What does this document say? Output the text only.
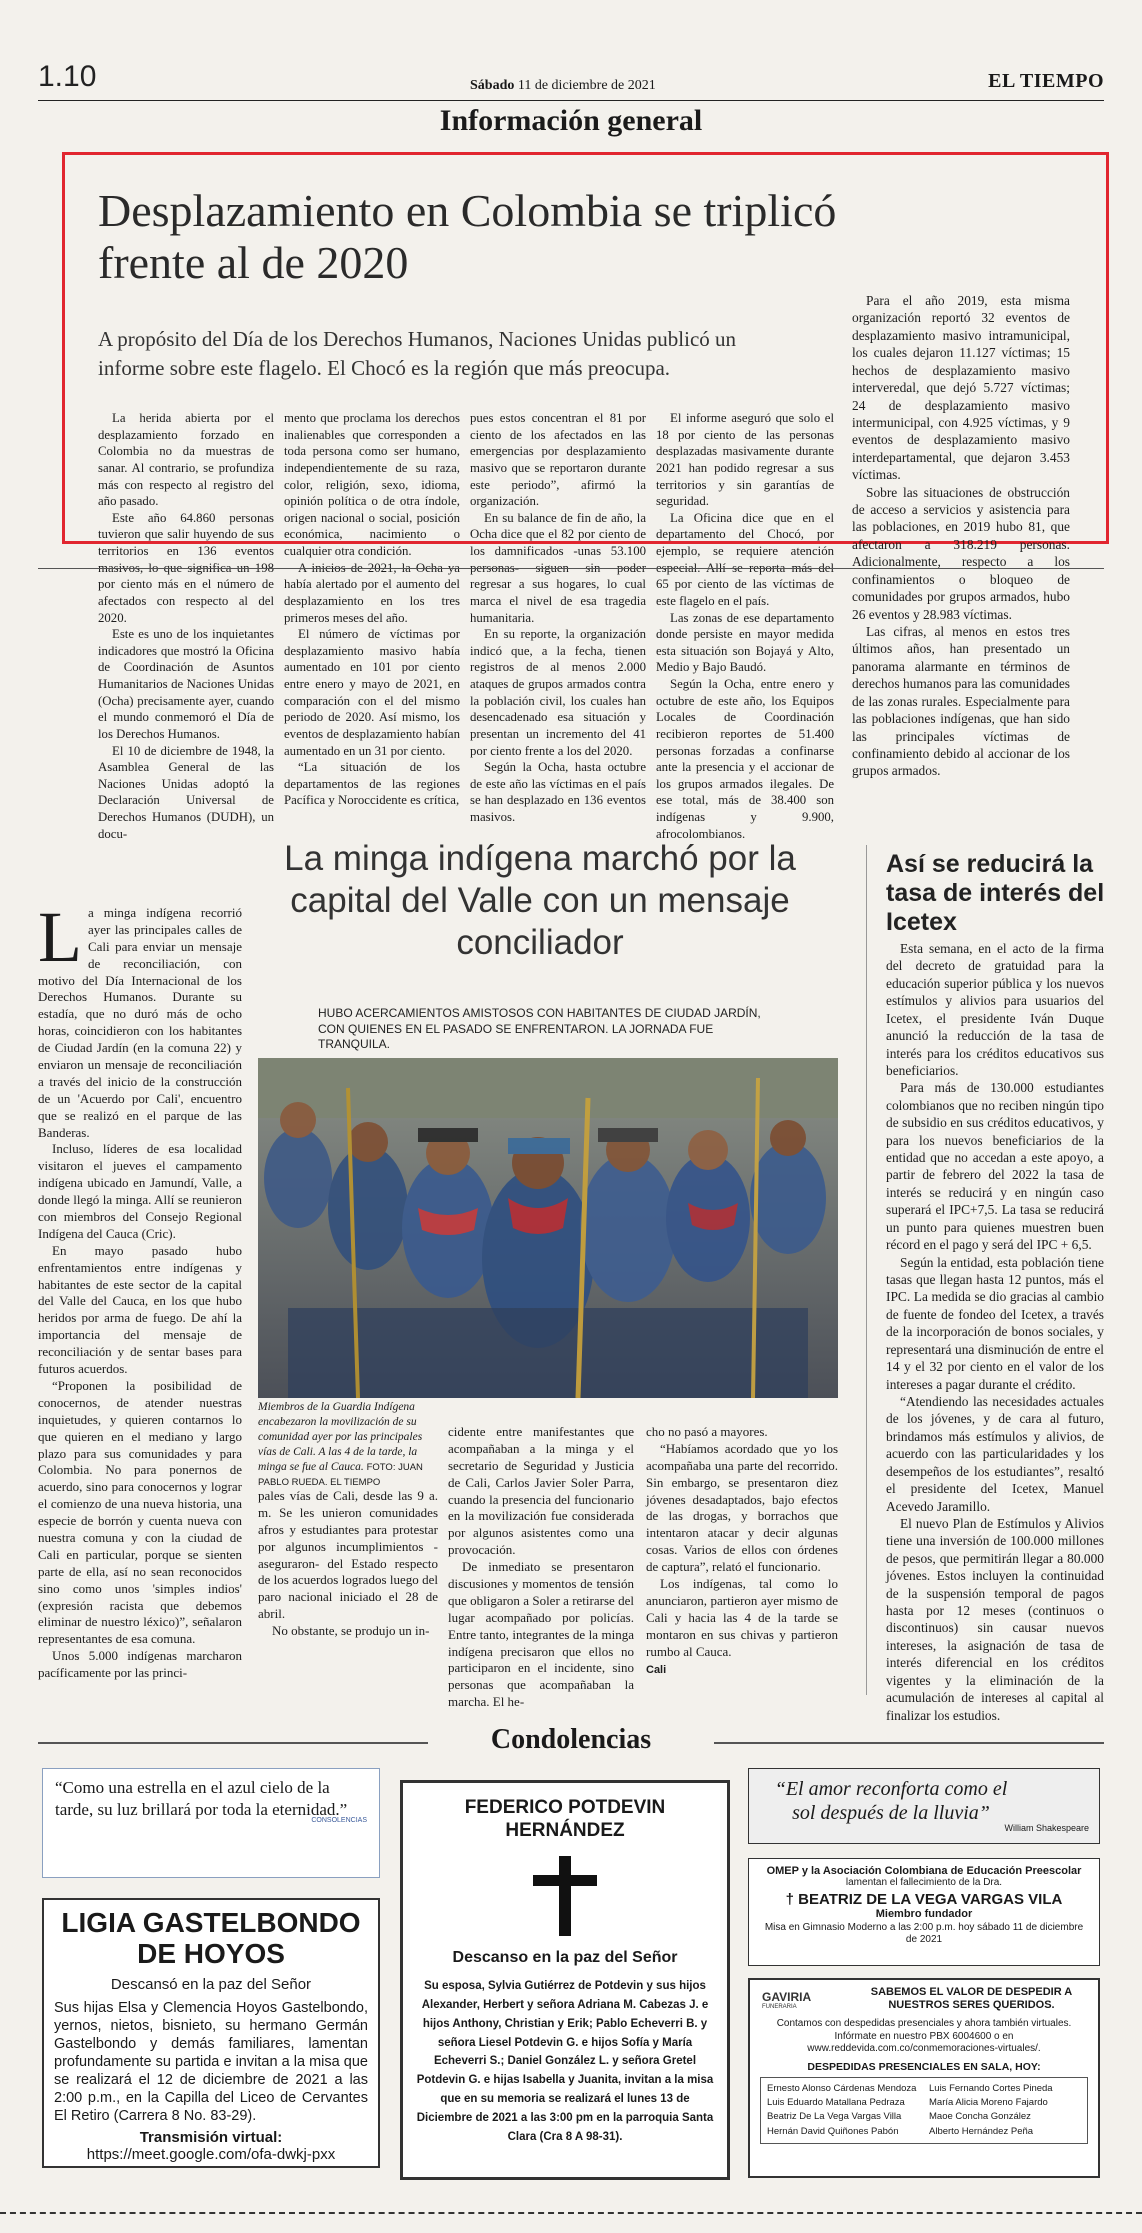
1.10	Sábado 11 de diciembre de 2021	EL TIEMPO
Información general
Desplazamiento en Colombia se triplicó frente al de 2020
A propósito del Día de los Derechos Humanos, Naciones Unidas publicó un informe sobre este flagelo. El Chocó es la región que más preocupa.

La herida abierta por el desplazamiento forzado en Colombia no da muestras de sanar. Al contrario, se profundiza más con respecto al registro del año pasado.

Este año 64.860 personas tuvieron que salir huyendo de sus territorios en 136 eventos masivos, lo que significa un 198 por ciento más en el número de afectados con respecto al del 2020.

Este es uno de los inquietantes indicadores que mostró la Oficina de Coordinación de Asuntos Humanitarios de Naciones Unidas (Ocha) precisamente ayer, cuando el mundo conmemoró el Día de los Derechos Humanos.

El 10 de diciembre de 1948, la Asamblea General de las Naciones Unidas adoptó la Declaración Universal de Derechos Humanos (DUDH), un docu-

mento que proclama los derechos inalienables que corresponden a toda persona como ser humano, independientemente de su raza, color, religión, sexo, idioma, opinión política o de otra índole, origen nacional o social, posición económica, nacimiento o cualquier otra condición.

A inicios de 2021, la Ocha ya había alertado por el aumento del desplazamiento en los tres primeros meses del año.

El número de víctimas por desplazamiento masivo había aumentado en 101 por ciento entre enero y mayo de 2021, en comparación con el del mismo periodo de 2020. Así mismo, los eventos de desplazamiento habían aumentado en un 31 por ciento.

“La situación de los departamentos de las regiones Pacífica y Noroccidente es crítica,

pues estos concentran el 81 por ciento de los afectados en las emergencias por desplazamiento masivo que se reportaron durante este periodo”, afirmó la organización.

En su balance de fin de año, la Ocha dice que el 82 por ciento de los damnificados -unas 53.100 personas- siguen sin poder regresar a sus hogares, lo cual marca el nivel de esa tragedia humanitaria.

En su reporte, la organización indicó que, a la fecha, tienen registros de al menos 2.000 ataques de grupos armados contra la población civil, los cuales han desencadenado esa situación y presentan un incremento del 41 por ciento frente a los del 2020.

Según la Ocha, hasta octubre de este año las víctimas en el país se han desplazado en 136 eventos masivos.

El informe aseguró que solo el 18 por ciento de las personas desplazadas masivamente durante 2021 han podido regresar a sus territorios y sin garantías de seguridad.

La Oficina dice que en el departamento del Chocó, por ejemplo, se requiere atención especial. Allí se reporta más del 65 por ciento de las víctimas de este flagelo en el país.

Las zonas de ese departamento donde persiste en mayor medida esta situación son Bojayá y Alto, Medio y Bajo Baudó.

Según la Ocha, entre enero y octubre de este año, los Equipos Locales de Coordinación recibieron reportes de 51.400 personas forzadas a confinarse ante la presencia y el accionar de los grupos armados ilegales. De ese total, más de 38.400 son indígenas y 9.900, afrocolombianos.

Para el año 2019, esta misma organización reportó 32 eventos de desplazamiento masivo intramunicipal, los cuales dejaron 11.127 víctimas; 15 hechos de desplazamiento masivo interveredal, que dejó 5.727 víctimas; 24 de desplazamiento masivo intermunicipal, con 4.925 víctimas, y 9 eventos de desplazamiento masivo interdepartamental, que dejaron 3.453 víctimas.

Sobre las situaciones de obstrucción de acceso a servicios y asistencia para las poblaciones, en 2019 hubo 81, que afectaron a 318.219 personas. Adicionalmente, respecto a los confinamientos o bloqueo de comunidades por grupos armados, hubo 26 eventos y 28.983 víctimas.

Las cifras, al menos en estos tres últimos años, han presentado un panorama alarmante en términos de derechos humanos para las comunidades de las zonas rurales. Especialmente para las poblaciones indígenas, que han sido las principales víctimas de confinamiento debido al accionar de los grupos armados.

La minga indígena marchó por la capital del Valle con un mensaje conciliador
HUBO ACERCAMIENTOS AMISTOSOS CON HABITANTES DE CIUDAD JARDÍN, CON QUIENES EN EL PASADO SE ENFRENTARON. LA JORNADA FUE TRANQUILA.

La minga indígena recorrió ayer las principales calles de Cali para enviar un mensaje de reconciliación, con motivo del Día Internacional de los Derechos Humanos. Durante su estadía, que no duró más de ocho horas, coincidieron con los habitantes de Ciudad Jardín (en la comuna 22) y enviaron un mensaje de reconciliación a través del inicio de la construcción de un 'Acuerdo por Cali', encuentro que se realizó en el parque de las Banderas.

Incluso, líderes de esa localidad visitaron el jueves el campamento indígena ubicado en Jamundí, Valle, a donde llegó la minga. Allí se reunieron con miembros del Consejo Regional Indígena del Cauca (Cric).

En mayo pasado hubo enfrentamientos entre indígenas y habitantes de este sector de la capital del Valle del Cauca, en los que hubo heridos por arma de fuego. De ahí la importancia del mensaje de reconciliación y de sentar bases para futuros acuerdos.

“Proponen la posibilidad de conocernos, de atender nuestras inquietudes, y quieren contarnos lo que quieren en el mediano y largo plazo para sus comunidades y para Colombia. No para ponernos de acuerdo, sino para conocernos y lograr el comienzo de una nueva historia, una especie de borrón y cuenta nueva con nuestra comuna y con la ciudad de Cali en particular, porque se sienten parte de ella, así no sean reconocidos sino como unos 'simples indios' (expresión racista que debemos eliminar de nuestro léxico)”, señalaron representantes de esa comuna.

Unos 5.000 indígenas marcharon pacíficamente por las princi-

Miembros de la Guardia Indígena encabezaron la movilización de su comunidad ayer por las principales vías de Cali. A las 4 de la tarde, la minga se fue al Cauca. FOTO: JUAN PABLO RUEDA. EL TIEMPO

pales vías de Cali, desde las 9 a. m. Se les unieron comunidades afros y estudiantes para protestar por algunos incumplimientos -aseguraron- del Estado respecto de los acuerdos logrados luego del paro nacional iniciado el 28 de abril.

No obstante, se produjo un in-

cidente entre manifestantes que acompañaban a la minga y el secretario de Seguridad y Justicia de Cali, Carlos Javier Soler Parra, cuando la presencia del funcionario en la movilización fue considerada por algunos asistentes como una provocación.

De inmediato se presentaron discusiones y momentos de tensión que obligaron a Soler a retirarse del lugar acompañado por policías. Entre tanto, integrantes de la minga indígena precisaron que ellos no participaron en el incidente, sino personas que acompañaban la marcha. El he-

cho no pasó a mayores.

“Habíamos acordado que yo los acompañaba una parte del recorrido. Sin embargo, se presentaron diez jóvenes desadaptados, bajo efectos de las drogas, y borrachos que intentaron atacar y decir algunas cosas. Varios de ellos con órdenes de captura”, relató el funcionario.

Los indígenas, tal como lo anunciaron, partieron ayer mismo de Cali y hacia las 4 de la tarde se montaron en sus chivas y partieron rumbo al Cauca.

Cali

Así se reducirá la tasa de interés del Icetex

Esta semana, en el acto de la firma del decreto de gratuidad para la educación superior pública y los nuevos estímulos y alivios para usuarios del Icetex, el presidente Iván Duque anunció la reducción de la tasa de interés para los créditos educativos sus beneficiarios.

Para más de 130.000 estudiantes colombianos que no reciben ningún tipo de subsidio en sus créditos educativos, y para los nuevos beneficiarios de la entidad que no accedan a este apoyo, a partir de febrero del 2022 la tasa de interés se reducirá y en ningún caso superará el IPC+7,5. La tasa se reducirá un punto para quienes muestren buen récord en el pago y será del IPC + 6,5.

Según la entidad, esta población tiene tasas que llegan hasta 12 puntos, más el IPC. La medida se dio gracias al cambio de fuente de fondeo del Icetex, a través de la incorporación de bonos sociales, y representará una disminución de entre el 14 y el 32 por ciento en el valor de los intereses a pagar durante el crédito.

“Atendiendo las necesidades actuales de los jóvenes, y de cara al futuro, brindamos más estímulos y alivios, de acuerdo con las particularidades y los desempeños de los estudiantes”, resaltó el presidente del Icetex, Manuel Acevedo Jaramillo.

El nuevo Plan de Estímulos y Alivios tiene una inversión de 100.000 millones de pesos, que permitirán llegar a 80.000 jóvenes. Estos incluyen la continuidad de la suspensión temporal de pagos hasta por 12 meses (continuos o discontinuos) sin causar nuevos intereses, la asignación de tasa de interés diferencial en los créditos vigentes y la eliminación de la acumulación de intereses al capital al finalizar los estudios.

Condolencias
“Como una estrella en el azul cielo de la tarde, su luz brillará por toda la eternidad.”
CONSOLENCIAS
LIGIA GASTELBONDO DE HOYOS
Descansó en la paz del Señor
Sus hijas Elsa y Clemencia Hoyos Gastelbondo, yernos, nietos, bisnieto, su hermano Germán Gastelbondo y demás familiares, lamentan profundamente su partida e invitan a la misa que se realizará el 12 de diciembre de 2021 a las 2:00 p.m., en la Capilla del Liceo de Cervantes El Retiro (Carrera 8 No. 83-29).
Transmisión virtual:
https://meet.google.com/ofa-dwkj-pxx
FEDERICO POTDEVIN HERNÁNDEZ
Descanso en la paz del Señor
Su esposa, Sylvia Gutiérrez de Potdevin y sus hijos Alexander, Herbert y señora Adriana M. Cabezas J. e hijos Anthony, Christian y Erik; Pablo Echeverri B. y señora Liesel Potdevin G. e hijos Sofía y María Echeverri S.; Daniel González L. y señora Gretel Potdevin G. e hijas Isabella y Juanita, invitan a la misa que en su memoria se realizará el lunes 13 de Diciembre de 2021 a las 3:00 pm en la parroquia Santa Clara (Cra 8 A 98-31).
“El amor reconforta como el sol después de la lluvia”
William Shakespeare
OMEP y la Asociación Colombiana de Educación Preescolar
lamentan el fallecimiento de la Dra.
† BEATRIZ DE LA VEGA VARGAS VILA
Miembro fundador
Misa en Gimnasio Moderno a las 2:00 p.m. hoy sábado 11 de diciembre de 2021
GAVIRIA
FUNERARIA
SABEMOS EL VALOR DE DESPEDIR A NUESTROS SERES QUERIDOS.
Contamos con despedidas presenciales y ahora también virtuales. Infórmate en nuestro PBX 6004600 o en www.reddevida.com.co/conmemoraciones-virtuales/.
DESPEDIDAS PRESENCIALES EN SALA, HOY:
Ernesto Alonso Cárdenas Mendoza
Luis Eduardo Matallana Pedraza
Beatriz De La Vega Vargas Villa
Hernán David Quiñones Pabón
Luis Fernando Cortes Pineda
María Alicia Moreno Fajardo
Maoe Concha González
Alberto Hernández Peña
